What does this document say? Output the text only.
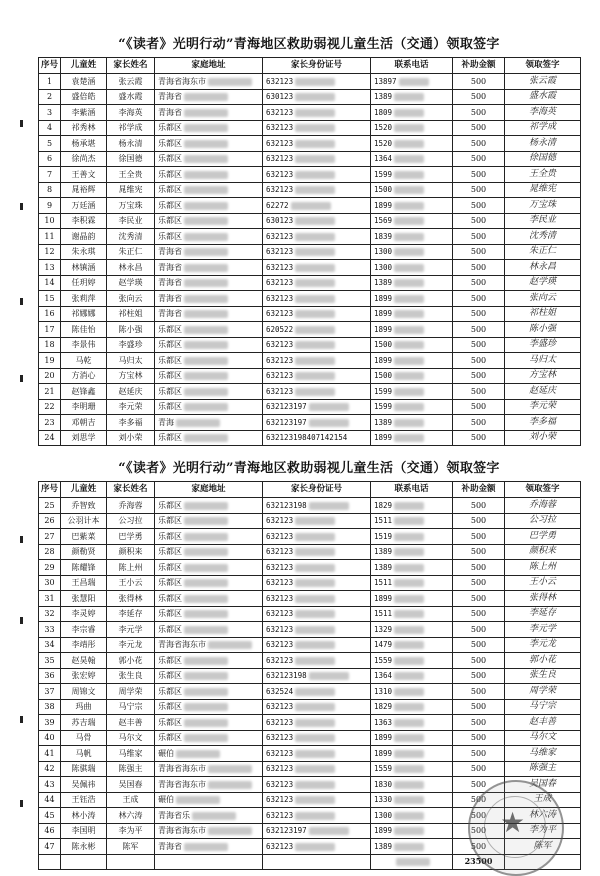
“《读者》光明行动”青海地区救助弱视儿童生活（交通）领取签字
序号	儿童姓	家长姓名	家庭地址	家长身份证号	联系电话	补助金额	领取签字
1	袁楚涵	张云霞	青海省海东市	632123	13897	500	张云霞
2	盛倍皓	盛水霞	青海省	630123	1389	500	盛水霞
3	李紫涵	李海英	青海省	632123	1809	500	李海英
4	祁秀林	祁学成	乐都区	632123	1520	500	祁学成
5	杨承堪	杨永清	乐都区	632123	1520	500	杨永清
6	徐尚杰	徐国德	乐都区	632123	1364	500	徐国德
7	王善文	王全贵	乐都区	632123	1599	500	王全贵
8	晁裕辉	晁维宪	乐都区	632123	1500	500	晁维宪
9	万廷涵	万宝珠	乐都区	62272	1899	500	万宝珠
10	李积霖	李民业	乐都区	630123	1569	500	李民业
11	谢晶韵	沈秀清	乐都区	632123	1839	500	沈秀清
12	朱永琪	朱正仁	青海省	632123	1300	500	朱正仁
13	林镇涵	林永昌	青海省	632123	1300	500	林永昌
14	任玥婷	赵学瑛	青海省	632123	1389	500	赵学瑛
15	张莉萍	张向云	青海省	632123	1899	500	张向云
16	祁娜娜	祁柱姐	青海省	632123	1899	500	祁柱姐
17	陈佳怡	陈小强	乐都区	620522	1899	500	陈小强
18	李景伟	李盛珍	乐都区	632123	1500	500	李盛珍
19	马乾	马归太	乐都区	632123	1899	500	马归太
20	方消心	方宝林	乐都区	632123	1500	500	方宝林
21	赵锋鑫	赵延庆	乐都区	632123	1599	500	赵延庆
22	李明珊	李元荣	乐都区	632123197	1599	500	李元荣
23	邓朝吉	李多福	青海	632123197	1389	500	李多福
24	刘思学	刘小荣	乐都区	632123198407142154	1899	500	刘小荣
“《读者》光明行动”青海地区救助弱视儿童生活（交通）领取签字
序号	儿童姓	家长姓名	家庭地址	家长身份证号	联系电话	补助金额	领取签字
25	乔智致	乔海蓉	乐都区	632123198	1829	500	乔海蓉
26	公羽计本	公习拉	乐都区	632123	1511	500	公习拉
27	巴紫菜	巴学勇	乐都区	632123	1519	500	巴学勇
28	颜勒贤	颜积来	乐都区	632123	1389	500	颜积来
29	陈耀锋	陈上州	乐都区	632123	1389	500	陈上州
30	王昌瑞	王小云	乐都区	632123	1511	500	王小云
31	张慧阳	张得林	乐都区	632123	1899	500	张得林
32	李灵婷	李延存	乐都区	632123	1511	500	李延存
33	李宗睿	李元学	乐都区	632123	1329	500	李元学
34	李靖彤	李元龙	青海省海东市	632123	1479	500	李元龙
35	赵昊翰	郭小花	乐都区	632123	1559	500	郭小花
36	张宏婷	张生良	乐都区	632123198	1364	500	张生良
37	周锦文	周学荣	乐都区	632524	1310	500	周学荣
38	玛曲	马宁宗	乐都区	632123	1829	500	马宁宗
39	苏吉瑞	赵丰善	乐都区	632123	1363	500	赵丰善
40	马骨	马尔文	乐都区	632123	1899	500	马尔文
41	马帆	马维家	碾伯	632123	1899	500	马维家
42	陈骐瑞	陈强主	青海省海东市	632123	1559	500	陈强主
43	吴佩祎	吴国春	青海省海东市	632123	1830	500	吴国春
44	王钰浩	王成	碾伯	632123	1330	500	王成
45	林小涛	林六涛	青海省乐	632123	1300	500	林六涛
46	李国明	李为平	青海省海东市	632123197	1899	500	李为平
47	陈永彬	陈军	青海省	632123	1389	500	陈军
						23500	
★
